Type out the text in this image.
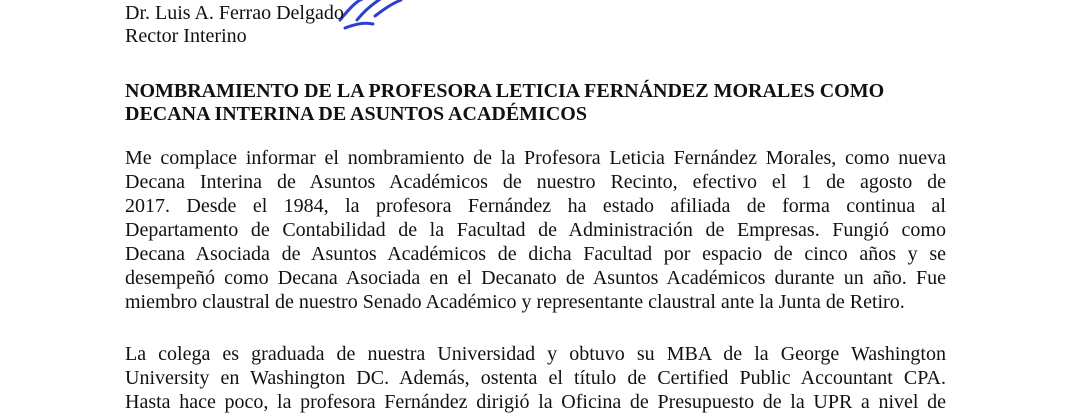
Dr. Luis A. Ferrao Delgado
Rector Interino
NOMBRAMIENTO DE LA PROFESORA LETICIA FERNÁNDEZ MORALES COMO
DECANA INTERINA DE ASUNTOS ACADÉMICOS
Me complace informar el nombramiento de la Profesora Leticia Fernández Morales, como nueva
Decana Interina de Asuntos Académicos de nuestro Recinto, efectivo el 1 de agosto de
2017. Desde el 1984, la profesora Fernández ha estado afiliada de forma continua al
Departamento de Contabilidad de la Facultad de Administración de Empresas. Fungió como
Decana Asociada de Asuntos Académicos de dicha Facultad por espacio de cinco años y se
desempeñó como Decana Asociada en el Decanato de Asuntos Académicos durante un año. Fue
miembro claustral de nuestro Senado Académico y representante claustral ante la Junta de Retiro.
La colega es graduada de nuestra Universidad y obtuvo su MBA de la George Washington
University en Washington DC. Además, ostenta el título de Certified Public Accountant CPA.
Hasta hace poco, la profesora Fernández dirigió la Oficina de Presupuesto de la UPR a nivel de
